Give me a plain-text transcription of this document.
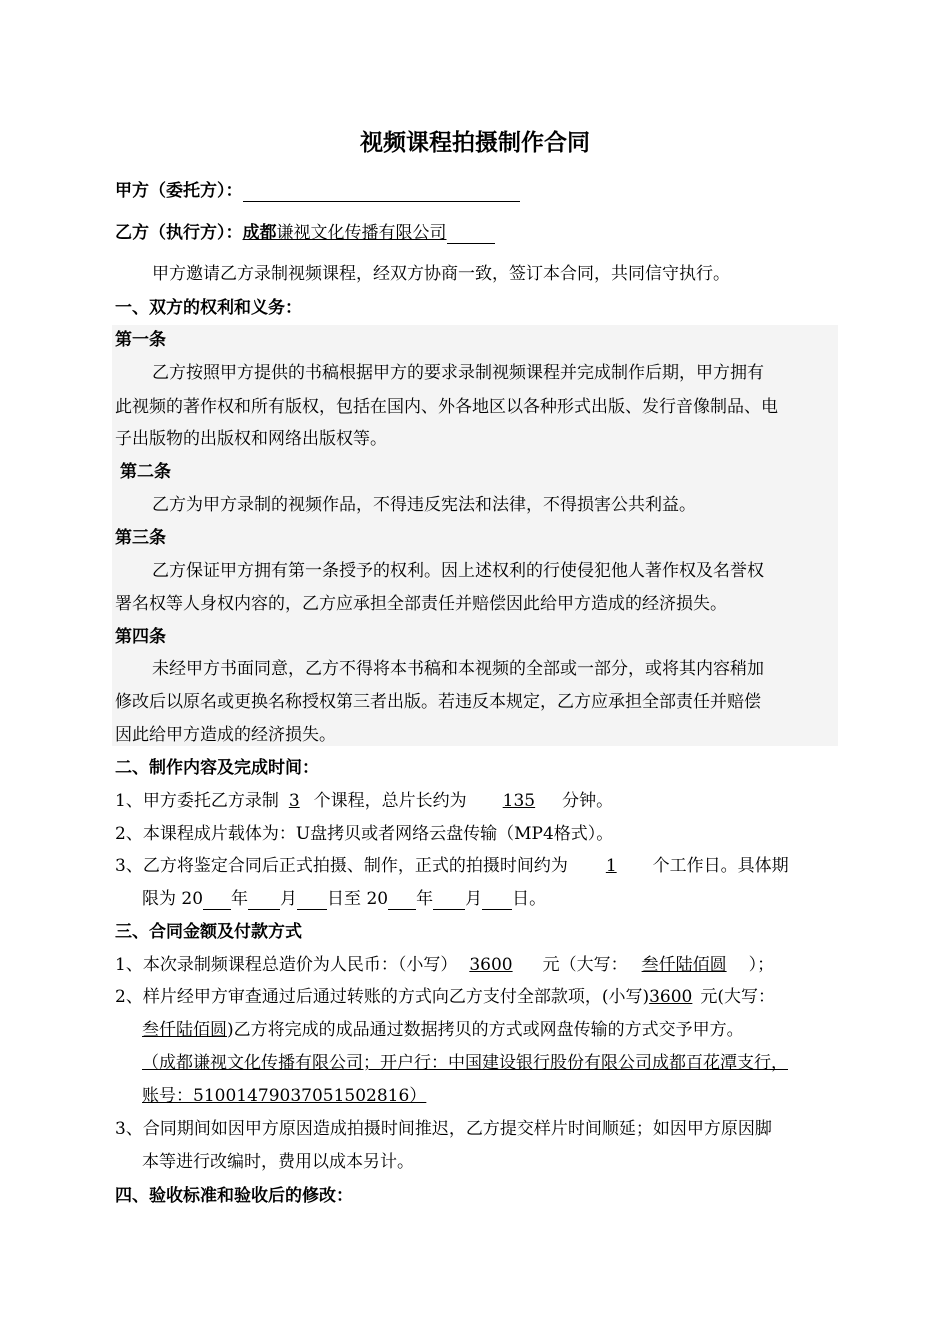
视频课程拍摄制作合同
甲方（委托方）：
乙方（执行方）：成都谦视文化传播有限公司
甲方邀请乙方录制视频课程，经双方协商一致，签订本合同，共同信守执行。
一、双方的权利和义务：
第一条
乙方按照甲方提供的书稿根据甲方的要求录制视频课程并完成制作后期，甲方拥有
此视频的著作权和所有版权，包括在国内、外各地区以各种形式出版、发行音像制品、电
子出版物的出版权和网络出版权等。
第二条
乙方为甲方录制的视频作品，不得违反宪法和法律，不得损害公共利益。
第三条
乙方保证甲方拥有第一条授予的权利。因上述权利的行使侵犯他人著作权及名誉权
署名权等人身权内容的，乙方应承担全部责任并赔偿因此给甲方造成的经济损失。
第四条
未经甲方书面同意，乙方不得将本书稿和本视频的全部或一部分，或将其内容稍加
修改后以原名或更换名称授权第三者出版。若违反本规定，乙方应承担全部责任并赔偿
因此给甲方造成的经济损失。
二、制作内容及完成时间：
1、甲方委托乙方录制 3 个课程，总片长约为 135 分钟。
2、本课程成片载体为：U盘拷贝或者网络云盘传输（MP4格式）。
3、乙方将鉴定合同后正式拍摄、制作，正式的拍摄时间约为 1 个工作日。具体期
限为 20 年 月 日至 20 年 月 日。
三、合同金额及付款方式
1、本次录制频课程总造价为人民币：（小写） 3600 元（大写： 叁仟陆佰圆 ）；
2、样片经甲方审查通过后通过转账的方式向乙方支付全部款项，(小写)3600 元(大写：
叁仟陆佰圆)乙方将完成的成品通过数据拷贝的方式或网盘传输的方式交予甲方。
（成都谦视文化传播有限公司；开户行：中国建设银行股份有限公司成都百花潭支行，
账号：51001479037051502816）
3、合同期间如因甲方原因造成拍摄时间推迟，乙方提交样片时间顺延；如因甲方原因脚
本等进行改编时，费用以成本另计。
四、验收标准和验收后的修改：
